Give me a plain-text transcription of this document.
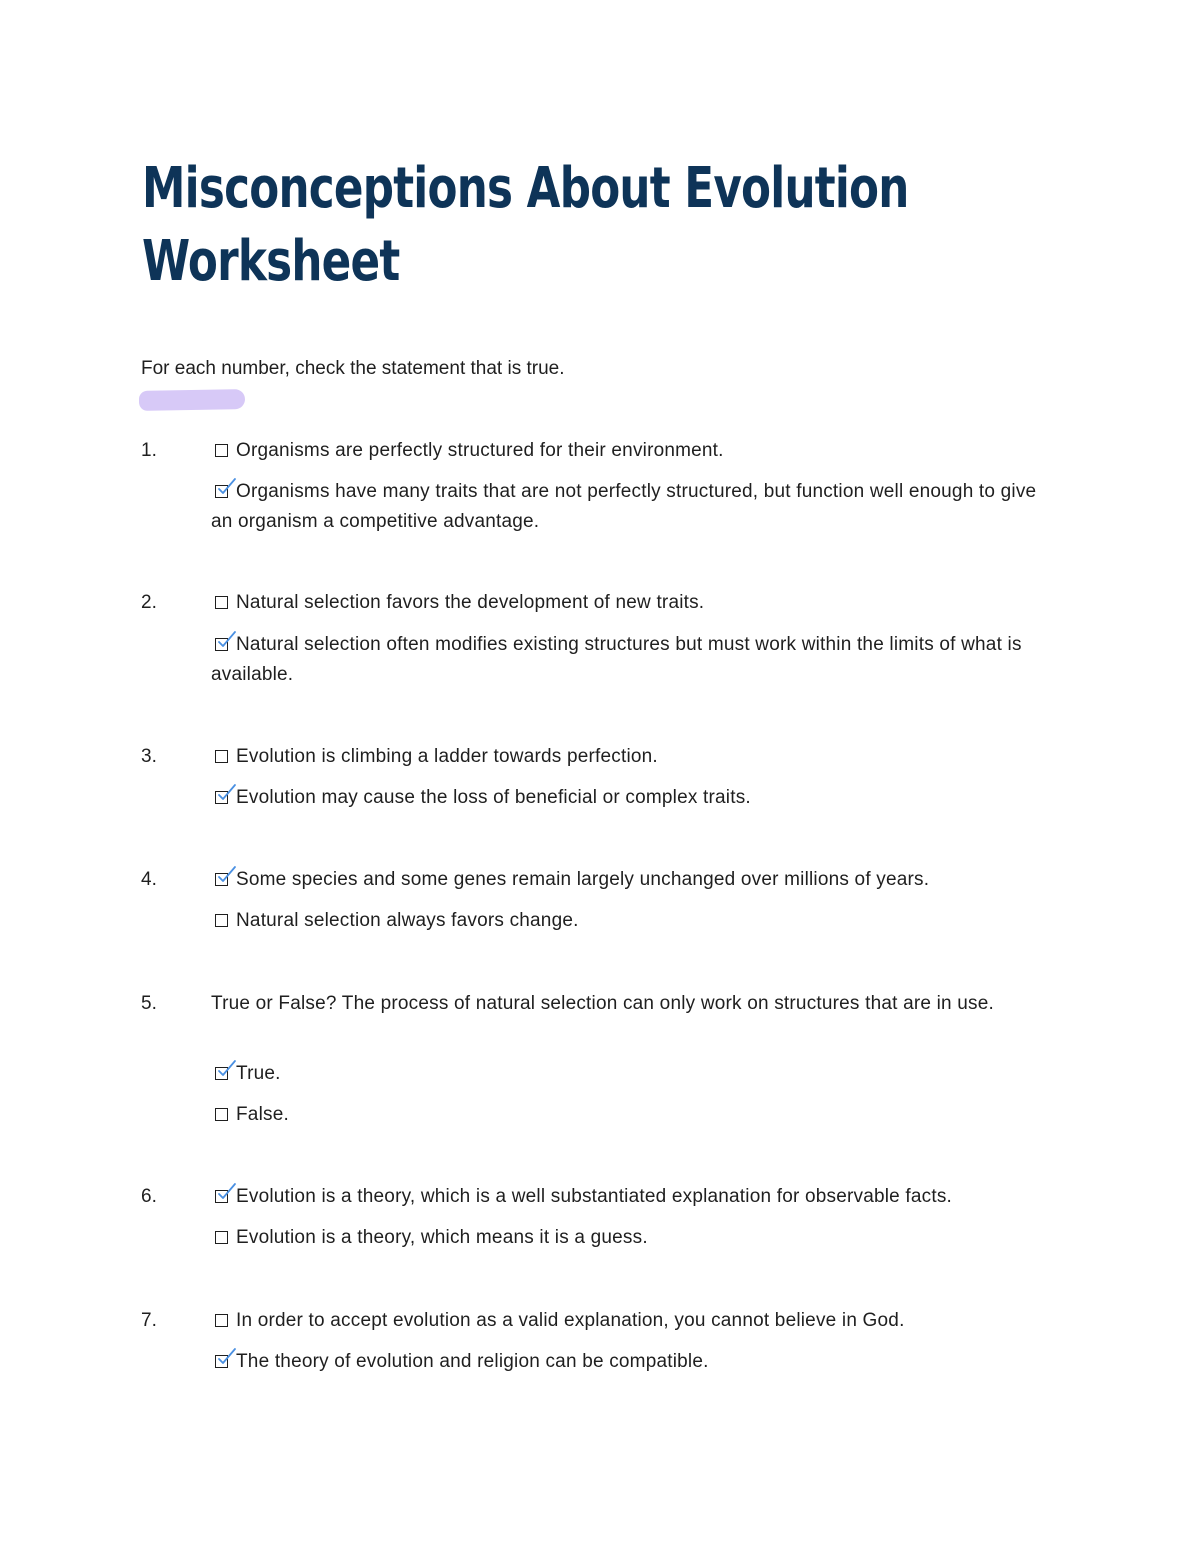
Misconceptions About Evolution
Worksheet

For each number, check the statement that is true.

1.	Organisms are perfectly structured for their environment.

Organisms have many traits that are not perfectly structured, but function well enough to give an organism a competitive advantage.

2.	Natural selection favors the development of new traits.

Natural selection often modifies existing structures but must work within the limits of what is available.

3.	Evolution is climbing a ladder towards perfection.

Evolution may cause the loss of beneficial or complex traits.

4.	Some species and some genes remain largely unchanged over millions of years.

Natural selection always favors change.

5.	True or False? The process of natural selection can only work on structures that are in use.

True.

False.

6.	Evolution is a theory, which is a well substantiated explanation for observable facts.

Evolution is a theory, which means it is a guess.

7.	In order to accept evolution as a valid explanation, you cannot believe in God.

The theory of evolution and religion can be compatible.
